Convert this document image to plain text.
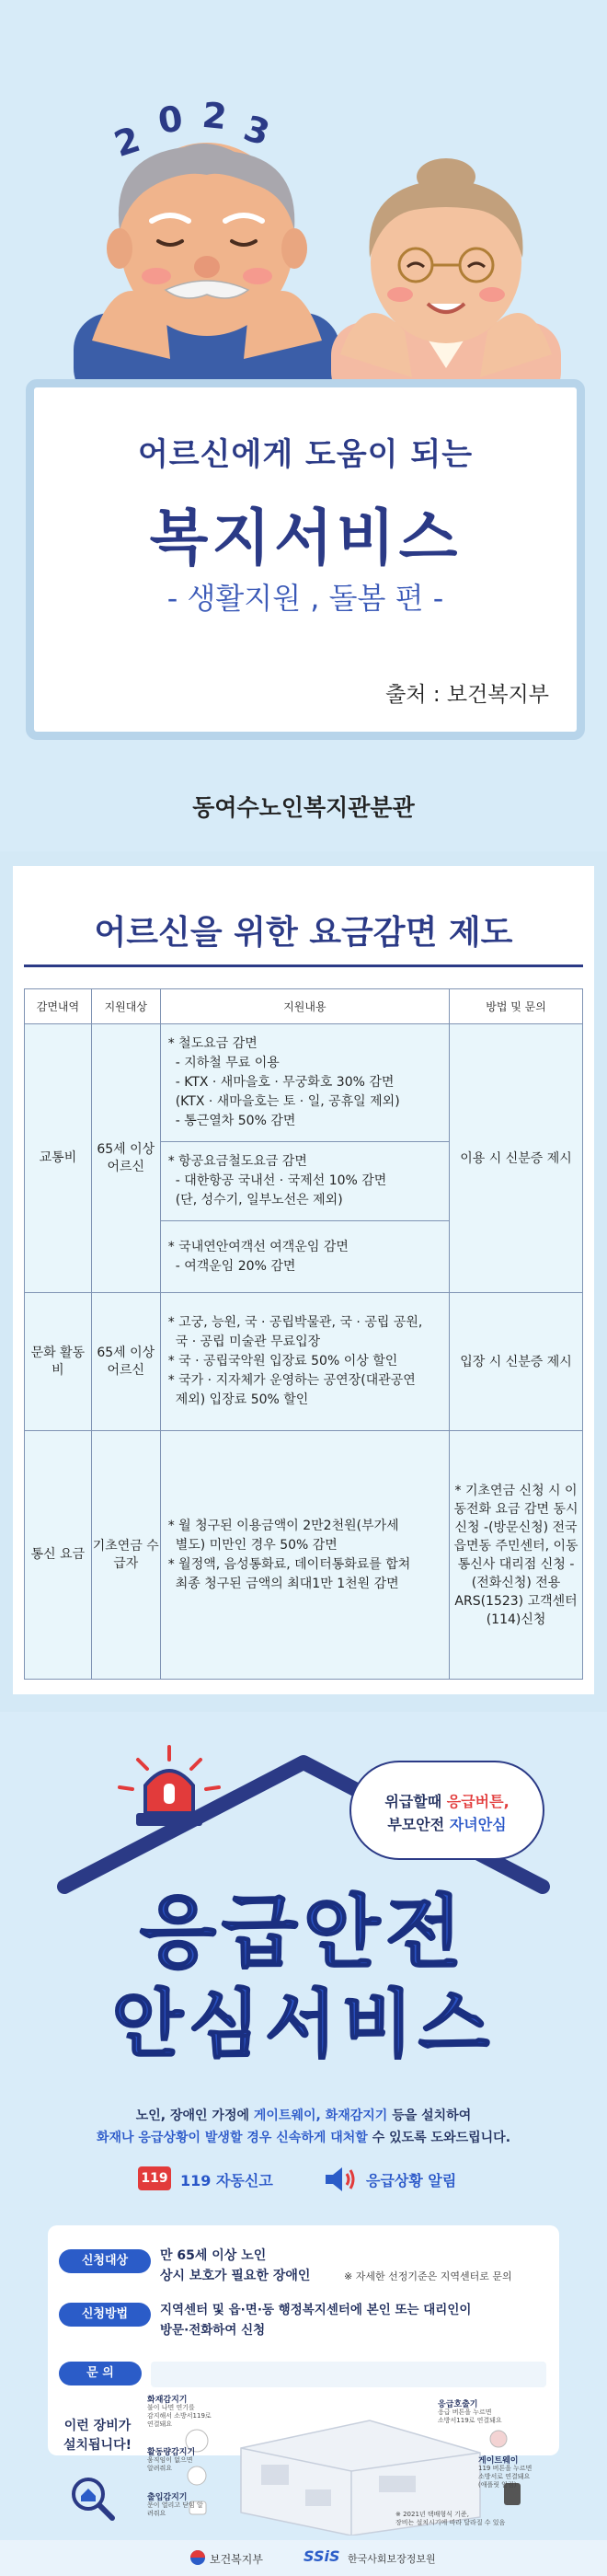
2 0 2 3
어르신에게 도움이 되는
복지서비스
- 생활지원 , 돌봄 편 -
출처 : 보건복지부
동여수노인복지관분관
어르신을 위한 요금감면 제도
감면내역	지원대상	지원내용	방법 및 문의
교통비	65세 이상 어르신	* 철도요금 감면
- 지하철 무료 이용
- KTX · 새마을호 · 무궁화호 30% 감면
(KTX · 새마을호는 토 · 일, 공휴일 제외)
- 통근열차 50% 감면	이용 시 신분증 제시

		* 항공요금철도요금 감면
- 대한항공 국내선 · 국제선 10% 감면
(단, 성수기, 일부노선은 제외)	

		* 국내연안여객선 여객운임 감면
- 여객운임 20% 감면	

문화 활동비	65세 이상 어르신	* 고궁, 능원, 국 · 공립박물관, 국 · 공립 공원,
국 · 공립 미술관 무료입장
* 국 · 공립국악원 입장료 50% 이상 할인
* 국가 · 지자체가 운영하는 공연장(대관공연
제외) 입장료 50% 할인	입장 시 신분증 제시
통신 요금	기초연금 수급자	* 월 청구된 이용금액이 2만2천원(부가세
별도) 미만인 경우 50% 감면
* 월정액, 음성통화료, 데이터통화료를 합쳐
최종 청구된 금액의 최대1만 1천원 감면	* 기초연금 신청 시 이동전화 요금 감면 동시 신청 -(방문신청) 전국 읍면동 주민센터, 이동통신사 대리점 신청 -(전화신청) 전용ARS(1523) 고객센터(114)신청
위급할때 응급버튼,
부모안전 자녀안심
응급안전
안심서비스
노인, 장애인 가정에 게이트웨이, 화재감지기 등을 설치하여
화재나 응급상황이 발생할 경우 신속하게 대처할 수 있도록 도와드립니다.
119 119 자동신고	응급상황 알림
신청대상	만 65세 이상 노인
상시 보호가 필요한 장애인	※ 자세한 선정기준은 지역센터로 문의
신청방법	지역센터 및 읍·면·동 행정복지센터에 본인 또는 대리인이
방문·전화하여 신청
문 의
이런 장비가
설치됩니다!
화재감지기
불이 나면 연기를
감지해서 소방서119로
연결돼요
활동량감지기
움직임이 없으면
알려줘요
출입감지기
문이 열리고 닫힘 알
려줘요
응급호출기
응급 버튼을 누르면
소방서119로 연결돼요
게이트웨이
119 버튼을 누르면
소방서로 연결돼요
(애플릿 알림)
※ 2021년 택배형식 기준,
장비는 설치시기에 따라 달라질 수 있음
보건복지부	SSiS 한국사회보장정보원
